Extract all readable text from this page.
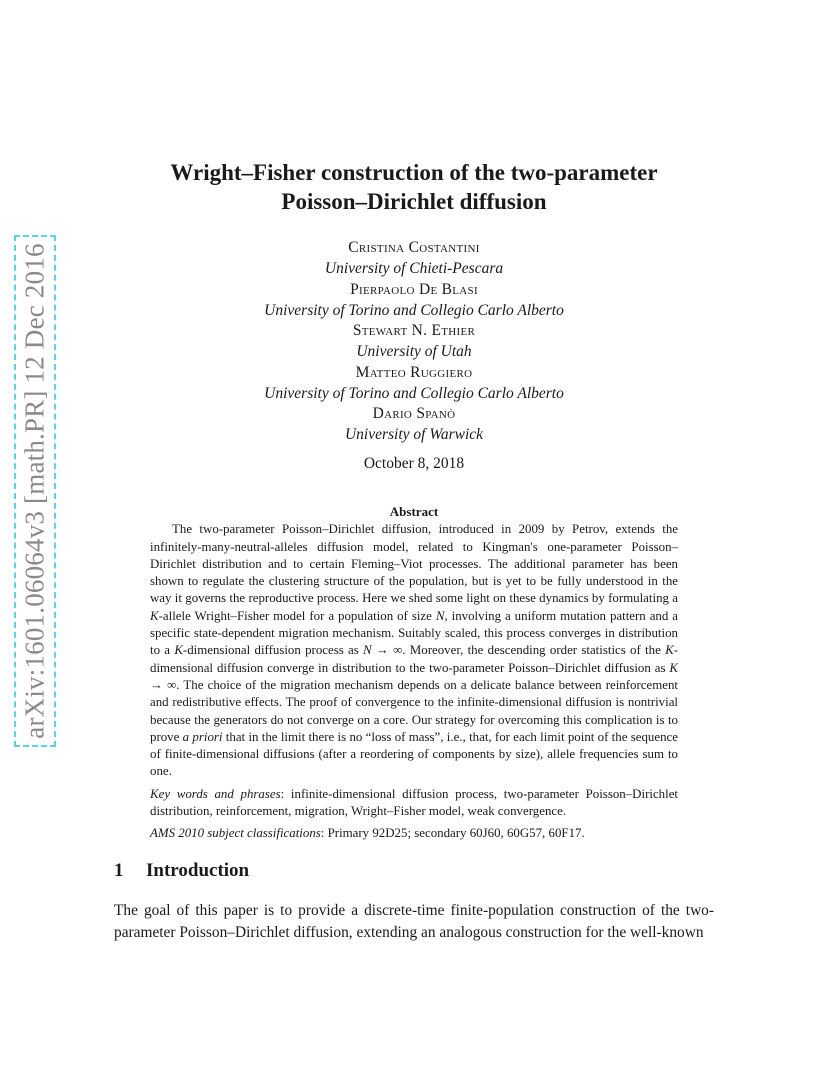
arXiv:1601.06064v3 [math.PR] 12 Dec 2016
Wright–Fisher construction of the two-parameter
Poisson–Dirichlet diffusion
Cristina Costantini
University of Chieti-Pescara
Pierpaolo De Blasi
University of Torino and Collegio Carlo Alberto
Stewart N. Ethier
University of Utah
Matteo Ruggiero
University of Torino and Collegio Carlo Alberto
Dario Spanò
University of Warwick
October 8, 2018
Abstract

The two-parameter Poisson–Dirichlet diffusion, introduced in 2009 by Petrov, extends the infinitely-many-neutral-alleles diffusion model, related to Kingman's one-parameter Poisson–Dirichlet distribution and to certain Fleming–Viot processes. The additional parameter has been shown to regulate the clustering structure of the population, but is yet to be fully understood in the way it governs the reproductive process. Here we shed some light on these dynamics by formulating a K-allele Wright–Fisher model for a population of size N, involving a uniform mutation pattern and a specific state-dependent migration mechanism. Suitably scaled, this process converges in distribution to a K-dimensional diffusion process as N → ∞. Moreover, the descending order statistics of the K-dimensional diffusion converge in distribution to the two-parameter Poisson–Dirichlet diffusion as K → ∞. The choice of the migration mechanism depends on a delicate balance between reinforcement and redistributive effects. The proof of convergence to the infinite-dimensional diffusion is nontrivial because the generators do not converge on a core. Our strategy for overcoming this complication is to prove a priori that in the limit there is no “loss of mass”, i.e., that, for each limit point of the sequence of finite-dimensional diffusions (after a reordering of components by size), allele frequencies sum to one.

Key words and phrases: infinite-dimensional diffusion process, two-parameter Poisson–Dirichlet distribution, reinforcement, migration, Wright–Fisher model, weak convergence.

AMS 2010 subject classifications: Primary 92D25; secondary 60J60, 60G57, 60F17.

1 Introduction
The goal of this paper is to provide a discrete-time finite-population construction of the two-parameter Poisson–Dirichlet diffusion, extending an analogous construction for the well-known
